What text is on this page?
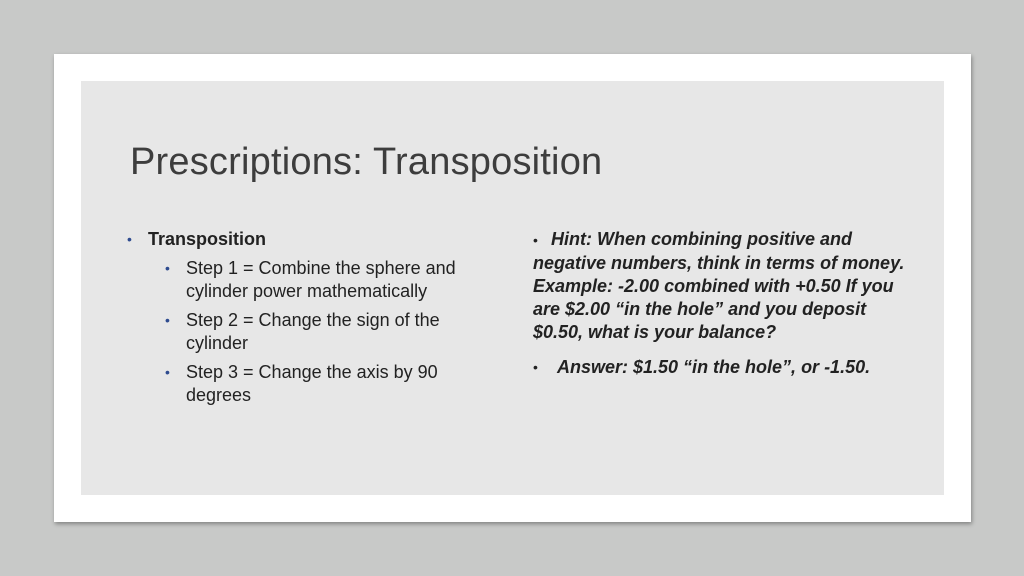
Prescriptions: Transposition
• Transposition
• Step 1 = Combine the sphere and cylinder power mathematically
• Step 2 = Change the sign of the cylinder
• Step 3 = Change the axis by 90 degrees
• Hint: When combining positive and negative numbers, think in terms of money. Example: -2.00 combined with +0.50 If you are $2.00 “in the hole” and you deposit $0.50, what is your balance?
•	Answer: $1.50 “in the hole”, or -1.50.
